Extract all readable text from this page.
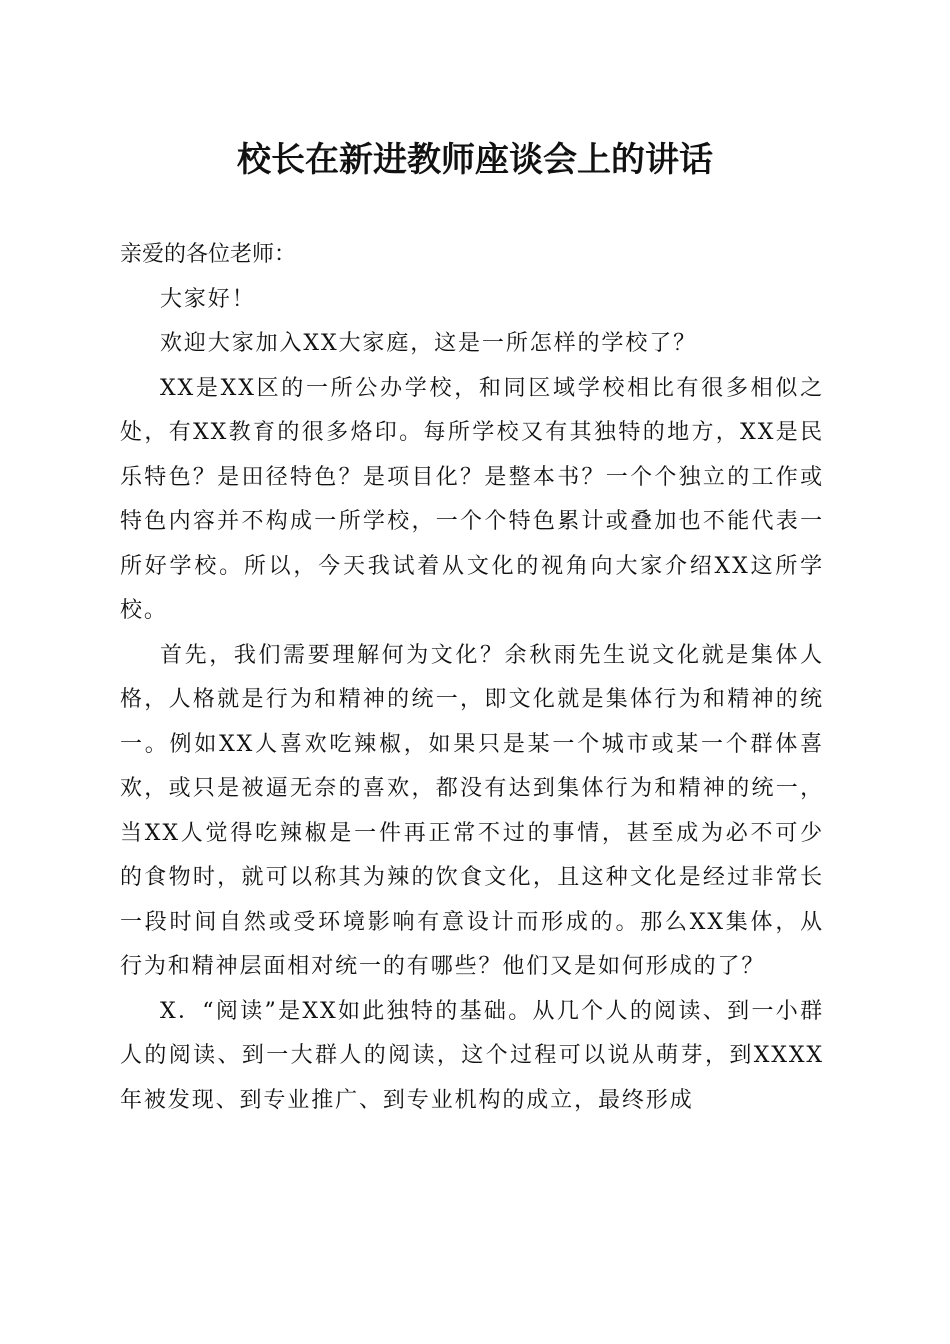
校长在新进教师座谈会上的讲话

亲爱的各位老师：

大家好！

欢迎大家加入XX大家庭，这是一所怎样的学校了？

XX是XX区的一所公办学校，和同区域学校相比有很多相似之处，有XX教育的很多烙印。每所学校又有其独特的地方，XX是民乐特色？是田径特色？是项目化？是整本书？一个个独立的工作或特色内容并不构成一所学校，一个个特色累计或叠加也不能代表一所好学校。所以，今天我试着从文化的视角向大家介绍XX这所学校。

首先，我们需要理解何为文化？余秋雨先生说文化就是集体人格，人格就是行为和精神的统一，即文化就是集体行为和精神的统一。例如XX人喜欢吃辣椒，如果只是某一个城市或某一个群体喜欢，或只是被逼无奈的喜欢，都没有达到集体行为和精神的统一，当XX人觉得吃辣椒是一件再正常不过的事情，甚至成为必不可少的食物时，就可以称其为辣的饮食文化，且这种文化是经过非常长一段时间自然或受环境影响有意设计而形成的。那么XX集体，从行为和精神层面相对统一的有哪些？他们又是如何形成的了？

X．“阅读”是XX如此独特的基础。从几个人的阅读、到一小群人的阅读、到一大群人的阅读，这个过程可以说从萌芽，到XXXX年被发现、到专业推广、到专业机构的成立，最终形成
